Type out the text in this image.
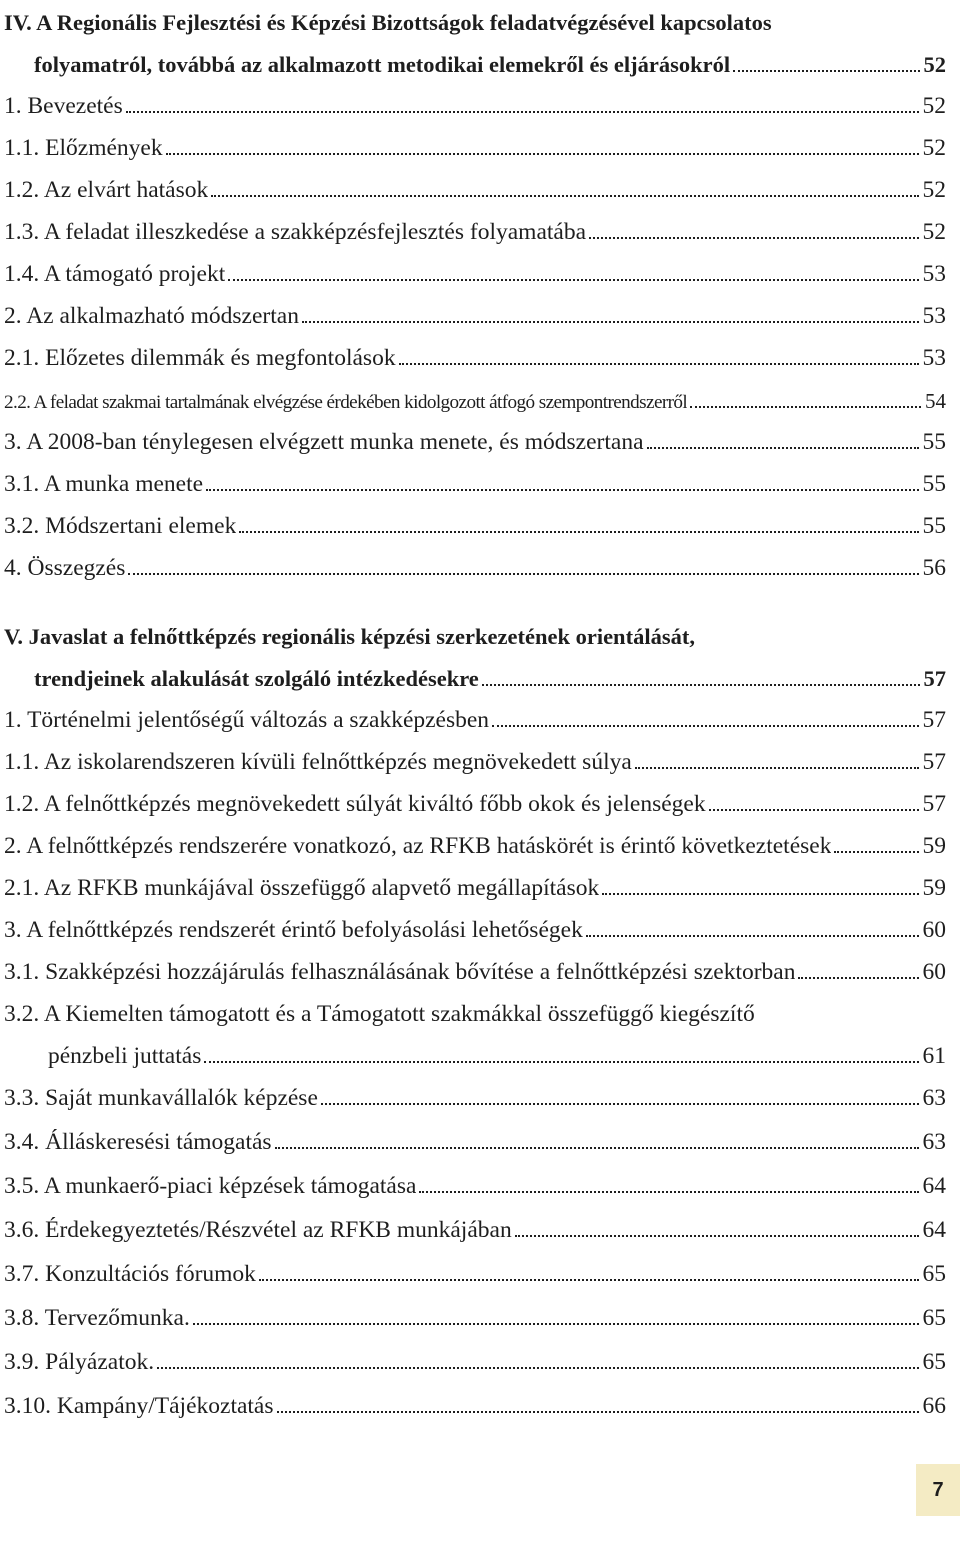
IV. A Regionális Fejlesztési és Képzési Bizottságok feladatvégzésével kapcsolatos
folyamatról, továbbá az alkalmazott metodikai elemekről és eljárásokról	52
1. Bevezetés	52
1.1. Előzmények	52
1.2. Az elvárt hatások	52
1.3. A feladat illeszkedése a szakképzésfejlesztés folyamatába	52
1.4. A támogató projekt	53
2. Az alkalmazható módszertan	53
2.1. Előzetes dilemmák és megfontolások	53
2.2. A feladat szakmai tartalmának elvégzése érdekében kidolgozott átfogó szempontrendszerről	54
3. A 2008-ban ténylegesen elvégzett munka menete, és módszertana	55
3.1. A munka menete	55
3.2. Módszertani elemek	55
4. Összegzés	56
V. Javaslat a felnőttképzés regionális képzési szerkezetének orientálását,
trendjeinek alakulását szolgáló intézkedésekre	57
1. Történelmi jelentőségű változás a szakképzésben	57
1.1. Az iskolarendszeren kívüli felnőttképzés megnövekedett súlya	57
1.2. A felnőttképzés megnövekedett súlyát kiváltó főbb okok és jelenségek	57
2. A felnőttképzés rendszerére vonatkozó, az RFKB hatáskörét is érintő következtetések	59
2.1. Az RFKB munkájával összefüggő alapvető megállapítások	59
3. A felnőttképzés rendszerét érintő befolyásolási lehetőségek	60
3.1. Szakképzési hozzájárulás felhasználásának bővítése a felnőttképzési szektorban	60
3.2. A Kiemelten támogatott és a Támogatott szakmákkal összefüggő kiegészítő
pénzbeli juttatás	61
3.3. Saját munkavállalók képzése	63
3.4. Álláskeresési támogatás	63
3.5. A munkaerő-piaci képzések támogatása	64
3.6. Érdekegyeztetés/Részvétel az RFKB munkájában	64
3.7. Konzultációs fórumok	65
3.8. Tervezőmunka.	65
3.9. Pályázatok.	65
3.10. Kampány/Tájékoztatás	66
7
